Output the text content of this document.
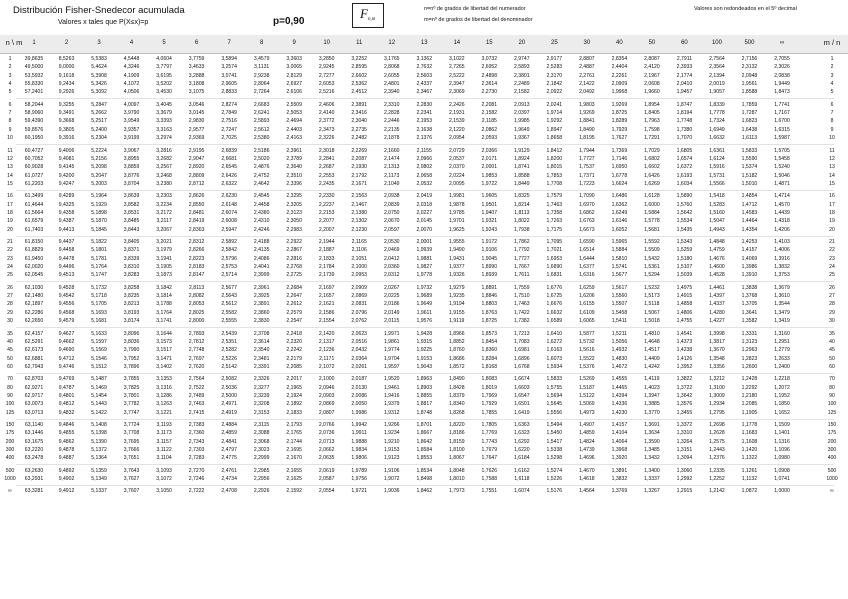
Distribución Fisher-Snedecor acumulada
Valores x tales que P(X≤x)=p	p=0,90
F n,m
n=nº de grados de libertad del numerador
m=nº de grados de libertad del denominador
Valores son redondeados en el 5º decimal
n \ m	1	2	3	4	5	6	7	8	9	10	11	12	13	14	15	20	25	30	40	50	60	100	500	∞	m / n
1	39,8635	8,5263	5,5383	4,5448	4,0604	3,7759	3,5894	3,4579	3,3603	3,2850	3,2252	3,1765	3,1362	3,1022	3,0732	2,9747	2,9177	2,8807	2,8354	2,8087	2,7911	2,7564	2,7156	2,7055	1
2	49,5000	9,0000	5,4624	4,3246	3,7797	3,4633	3,2574	3,1131	3,0065	2,9245	2,8595	2,8068	2,7632	2,7265	2,6952	2,5893	2,5283	2,4887	2,4404	2,4120	2,3933	2,3564	2,3132	2,3026	2
3	53,5932	9,1618	5,3908	4,1909	3,6195	3,2888	3,0741	2,9238	2,8129	2,7277	2,6602	2,6055	2,5603	2,5222	2,4898	2,3801	2,3170	2,2761	2,2261	2,1967	2,1774	2,1394	2,0948	2,0838	3
4	55,8330	9,2434	5,3426	4,1072	3,5202	3,1808	2,9605	2,8064	2,6927	2,6053	2,5362	2,4801	2,4337	2,3947	2,3614	2,2489	2,1842	2,1422	2,0909	2,0608	2,0410	2,0019	1,9561	1,9449	4
5	57,2401	9,2926	5,3092	4,0506	3,4530	3,1075	2,8833	2,7264	2,6106	2,5216	2,4512	2,3940	2,3467	2,3069	2,2730	2,1582	2,0922	2,0492	1,9968	1,9660	1,9457	1,9057	1,8588	1,8473	5
6	58,2044	9,3255	5,2847	4,0097	3,4045	3,0546	2,8274	2,6683	2,5509	2,4606	2,3891	2,3310	2,2830	2,2426	2,2081	2,0913	2,0241	1,9803	1,9269	1,8954	1,8747	1,8339	1,7859	1,7741	6
7	58,9060	9,3491	5,2662	3,9790	3,3679	3,0145	2,7849	2,6241	2,5053	2,4140	2,3416	2,2828	2,2341	2,1931	2,1582	2,0397	1,9714	1,9269	1,8725	1,8405	1,8194	1,7778	1,7287	1,7167	7
8	59,4390	9,3668	5,2517	3,9549	3,3393	2,9830	2,7516	2,5893	2,4694	2,3772	2,3040	2,2446	2,1953	2,1539	2,1185	1,9985	1,9292	1,8841	1,8289	1,7963	1,7748	1,7324	1,6823	1,6700	8
9	59,8576	9,3805	5,2400	3,9357	3,3163	2,9577	2,7247	2,5612	2,4403	2,3473	2,2735	2,2135	2,1638	2,1220	2,0862	1,9649	1,8947	1,8490	1,7929	1,7598	1,7380	1,6949	1,6438	1,6315	9
10	60,1950	9,3916	5,2304	3,9199	3,2974	2,9369	2,7025	2,5380	2,4163	2,3226	2,2482	2,1878	2,1376	2,0954	2,0593	1,9367	1,8658	1,8195	1,7627	1,7291	1,7070	1,6632	1,6113	1,5987	10
11	60,4727	9,4006	5,2224	3,9067	3,2816	2,9195	2,6839	2,5186	2,3961	2,3018	2,2269	2,1660	2,1155	2,0729	2,0366	1,9129	1,8412	1,7944	1,7369	1,7029	1,6805	1,6361	1,5833	1,5705	11
12	60,7052	9,4081	5,2156	3,8955	3,2682	2,9047	2,6681	2,5020	2,3789	2,2841	2,2087	2,1474	2,0966	2,0537	2,0171	1,8924	1,8200	1,7727	1,7146	1,6802	1,6574	1,6124	1,5590	1,5458	12
13	60,9028	9,4145	5,2098	3,8859	3,2567	2,8920	2,6545	2,4876	2,3640	2,2687	2,1930	2,1313	2,0802	2,0370	2,0001	1,8741	1,8015	1,7537	1,6950	1,6602	1,6372	1,5916	1,5374	1,5240	13
14	61,0727	9,4200	5,2047	3,8776	3,2468	2,8809	2,6426	2,4752	2,3510	2,2553	2,1792	2,1173	2,0658	2,0224	1,9853	1,8588	1,7853	1,7371	1,6778	1,6426	1,6193	1,5731	1,5182	1,5046	14
15	61,2203	9,4247	5,2003	3,8704	3,2380	2,8712	2,6322	2,4642	2,3396	2,2435	2,1671	2,1049	2,0532	2,0095	1,9722	1,8449	1,7708	1,7223	1,6624	1,6269	1,6034	1,5566	1,5010	1,4871	15
16	61,3499	9,4289	5,1964	3,8639	3,2303	2,8626	2,6230	2,4545	2,3295	2,2330	2,1563	2,0938	2,0419	1,9981	1,9605	1,8325	1,7579	1,7090	1,6486	1,6128	1,5890	1,5418	1,4854	1,4714	16
17	61,4644	9,4325	5,1929	3,8582	3,2234	2,8550	2,6148	2,4458	2,3205	2,2237	2,1467	2,0839	2,0318	1,9878	1,9501	1,8214	1,7463	1,6970	1,6362	1,6000	1,5760	1,5283	1,4712	1,4570	17
18	61,5664	9,4358	5,1898	3,8531	3,2172	2,8481	2,6074	2,4380	2,3123	2,2153	2,1380	2,0750	2,0227	1,9785	1,9407	1,8113	1,7358	1,6862	1,6249	1,5884	1,5642	1,5160	1,4583	1,4439	18
19	61,6579	9,4387	5,1870	3,8485	3,2117	2,8419	2,6008	2,4310	2,3050	2,2077	2,1302	2,0670	2,0145	1,9701	1,9321	1,8022	1,7263	1,6763	1,6146	1,5778	1,5534	1,5047	1,4464	1,4318	19
20	61,7403	9,4413	5,1845	3,8443	3,2067	2,8363	2,5947	2,4246	2,2983	2,2007	2,1230	2,0597	2,0070	1,9625	1,9243	1,7938	1,7175	1,6673	1,6052	1,5681	1,5435	1,4943	1,4354	1,4206	20
21	61,8150	9,4437	5,1822	3,8405	3,2021	2,8312	2,5892	2,4188	2,2922	2,1944	2,1165	2,0530	2,0001	1,9555	1,9172	1,7862	1,7095	1,6590	1,5965	1,5592	1,5343	1,4848	1,4253	1,4103	21
22	61,8829	9,4458	5,1801	3,8371	3,1979	2,8266	2,5842	2,4135	2,2867	2,1887	2,1106	2,0469	1,9939	1,9490	1,9106	1,7792	1,7021	1,6514	1,5884	1,5509	1,5259	1,4759	1,4157	1,4006	22
23	61,9450	9,4478	5,1781	3,8339	3,1941	2,8223	2,5796	2,4086	2,2816	2,1833	2,1051	2,0412	1,9881	1,9431	1,9045	1,7727	1,6953	1,6444	1,5810	1,5432	1,5180	1,4676	1,4069	1,3916	23
24	62,0020	9,4496	5,1764	3,8310	3,1905	2,8183	2,5753	2,4041	2,2768	2,1784	2,1000	2,0360	1,9827	1,9377	1,8990	1,7667	1,6890	1,6377	1,5741	1,5361	1,5107	1,4600	1,3986	1,3832	24
25	62,0545	9,4513	5,1747	3,8283	3,1873	2,8147	2,5714	2,3999	2,2725	2,1739	2,0953	2,0312	1,9778	1,9326	1,8939	1,7611	1,6831	1,6316	1,5677	1,5294	1,5039	1,4528	1,3910	1,3753	25
26	62,1030	9,4528	5,1732	3,8258	3,1842	2,8113	2,5677	2,3961	2,2684	2,1697	2,0909	2,0267	1,9732	1,9279	1,8891	1,7559	1,6776	1,6259	1,5617	1,5232	1,4975	1,4461	1,3838	1,3679	26
27	62,1480	9,4542	5,1718	3,8235	3,1814	2,8082	2,5643	2,3925	2,2647	2,1657	2,0869	2,0225	1,9689	1,9235	1,8846	1,7510	1,6725	1,6206	1,5560	1,5173	1,4915	1,4397	1,3768	1,3610	27
28	62,1897	9,4556	5,1705	3,8213	3,1788	2,8053	2,5612	2,3891	2,2612	2,1621	2,0831	2,0186	1,9649	1,9194	1,8803	1,7463	1,6676	1,6155	1,5507	1,5118	1,4858	1,4337	1,3705	1,3544	28
29	62,2286	9,4568	5,1693	3,8193	3,1764	2,8025	2,5582	2,3860	2,2579	2,1586	2,0796	2,0149	1,9611	1,9155	1,8763	1,7422	1,6632	1,6109	1,5458	1,5067	1,4806	1,4280	1,3641	1,3479	29
30	62,2650	9,4579	5,1681	3,8174	3,1741	2,8000	2,5555	2,3830	2,2547	2,1554	2,0762	2,0115	1,9576	1,9119	1,8725	1,7382	1,6589	1,6065	1,5411	1,5018	1,4755	1,4227	1,3582	1,3419	30
35	62,4157	9,4627	5,1633	3,8096	3,1644	2,7893	2,5439	2,3708	2,2418	2,1420	2,0623	1,9971	1,9428	1,8966	1,8573	1,7213	1,6410	1,5877	1,5211	1,4810	1,4541	1,3998	1,3331	1,3160	35
40	62,5291	9,4662	5,1597	3,8036	3,1573	2,7812	2,5351	2,3614	2,2320	2,1317	2,0516	1,9861	1,9315	1,8852	1,8454	1,7083	1,6272	1,5732	1,5056	1,4648	1,4373	1,3817	1,3123	1,2951	40
45	62,6173	9,4690	5,1569	3,7990	3,1517	2,7748	2,5282	2,3540	2,2242	2,1236	2,0432	1,9774	1,9225	1,8760	1,8360	1,6981	1,6163	1,5616	1,4932	1,4517	1,4238	1,3670	1,2963	1,2779	45
50	62,6881	9,4712	5,1546	3,7952	3,1471	2,7697	2,5226	2,3481	2,2179	2,1171	2,0364	1,9704	1,9153	1,8686	1,8284	1,6896	1,6073	1,5522	1,4830	1,4409	1,4126	1,3548	1,2823	1,2633	50
60	62,7943	9,4746	5,1512	3,7896	3,1402	2,7620	2,5142	2,3391	2,2085	2,1072	2,0261	1,9597	1,9043	1,8572	1,8168	1,6768	1,5934	1,5376	1,4672	1,4242	1,3952	1,3356	1,2600	1,2400	60
70	62,8703	9,4769	5,1487	3,7855	3,1353	2,7564	2,5082	2,3326	2,2017	2,1000	2,0187	1,9520	1,8963	1,8490	1,8083	1,6674	1,5833	1,5269	1,4555	1,4119	1,3822	1,3212	1,2428	1,2218	70
80	62,9271	9,4787	5,1469	3,7825	3,1316	2,7522	2,5036	2,3277	2,1965	2,0946	2,0130	1,9461	1,8903	1,8428	1,8019	1,6603	1,5755	1,5187	1,4465	1,4023	1,3722	1,3100	1,2292	1,2072	80
90	62,9717	9,4801	5,1454	3,7801	3,1286	2,7489	2,5000	2,3239	2,1924	2,0903	2,0086	1,9416	1,8855	1,8379	1,7969	1,6547	1,5694	1,5122	1,4394	1,3947	1,3642	1,3009	1,2180	1,1952	90
100	63,0073	9,4812	5,1443	3,7782	3,1263	2,7463	2,4971	2,3208	2,1892	2,0869	2,0050	1,9379	1,8817	1,8340	1,7929	1,6501	1,5645	1,5069	1,4336	1,3885	1,3576	1,2934	1,2085	1,1850	100
125	63,0713	9,4832	5,1422	3,7747	3,1221	2,7415	2,4919	2,3153	2,1833	2,0807	1,9986	1,9312	1,8748	1,8268	1,7855	1,6419	1,5556	1,4973	1,4230	1,3770	1,3455	1,2795	1,1905	1,1652	125
150	63,1140	9,4846	5,1408	3,7724	3,1193	2,7383	2,4884	2,3115	2,1793	2,0766	1,9942	1,9266	1,8701	1,8220	1,7805	1,6363	1,5494	1,4907	1,4157	1,3691	1,3372	1,2698	1,1778	1,1509	150
175	63,1446	9,4855	5,1398	3,7708	3,1173	2,7360	2,4859	2,3088	2,1765	2,0736	1,9911	1,9234	1,8667	1,8186	1,7769	1,6323	1,5450	1,4859	1,4104	1,3634	1,3310	1,2628	1,1683	1,1401	175
200	63,1675	9,4862	5,1390	3,7695	3,1157	2,7343	2,4841	2,3068	2,1744	2,0713	1,9888	1,9210	1,8642	1,8159	1,7743	1,6292	1,5417	1,4824	1,4064	1,3590	1,3264	1,2575	1,1608	1,1316	200
300	63,2220	9,4878	5,1372	3,7666	3,1122	2,7303	2,4797	2,3023	2,1695	2,0662	1,9834	1,9153	1,8584	1,8100	1,7679	1,6220	1,5338	1,4739	1,3968	1,3485	1,3151	1,2443	1,1420	1,1096	300
400	63,2478	9,4887	5,1364	3,7651	3,1104	2,7283	2,4775	2,2999	2,1670	2,0635	1,9806	1,9123	1,8553	1,8067	1,7647	1,6184	1,5298	1,4696	1,3920	1,3432	1,3094	1,2376	1,1322	1,0980	400
500	63,2630	9,4892	5,1359	3,7643	3,1093	2,7270	2,4761	2,2985	2,1655	2,0619	1,9789	1,9106	1,8534	1,8048	1,7626	1,6162	1,5274	1,4670	1,3891	1,3400	1,3060	1,2335	1,1261	1,0908	500
1000	63,2931	9,4902	5,1349	3,7627	3,1072	2,7246	2,4734	2,2956	2,1625	2,0587	1,9756	1,9072	1,8498	1,8010	1,7588	1,6118	1,5226	1,4618	1,3832	1,3337	1,2992	1,2252	1,1132	1,0741	1000
∞	63,3281	9,4912	5,1337	3,7607	3,1050	2,7222	2,4708	2,2926	2,1592	2,0554	1,9721	1,9036	1,8462	1,7973	1,7551	1,6074	1,5176	1,4564	1,3769	1,3267	1,2915	1,2142	1,0872	1,0000	∞
